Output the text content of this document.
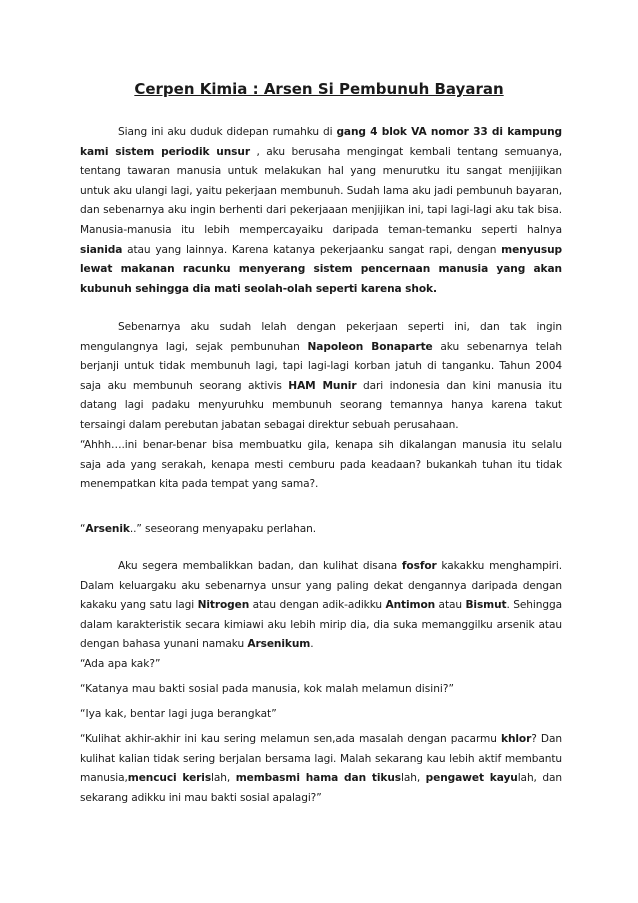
Cerpen Kimia : Arsen Si Pembunuh Bayaran
Siang ini aku duduk didepan rumahku di gang 4 blok VA nomor 33 di kampung kami sistem periodik unsur , aku berusaha mengingat kembali tentang semuanya, tentang tawaran manusia untuk melakukan hal yang menurutku itu sangat menjijikan untuk aku ulangi lagi, yaitu pekerjaan membunuh. Sudah lama aku jadi pembunuh bayaran, dan sebenarnya aku ingin berhenti dari pekerjaaan menjijikan ini, tapi lagi-lagi aku tak bisa. Manusia-manusia itu lebih mempercayaiku daripada teman-temanku seperti halnya sianida atau yang lainnya. Karena katanya pekerjaanku sangat rapi, dengan menyusup lewat makanan racunku menyerang sistem pencernaan manusia yang akan kubunuh sehingga dia mati seolah-olah seperti karena shok.
Sebenarnya aku sudah lelah dengan pekerjaan seperti ini, dan tak ingin mengulangnya lagi, sejak pembunuhan Napoleon Bonaparte aku sebenarnya telah berjanji untuk tidak membunuh lagi, tapi lagi-lagi korban jatuh di tanganku. Tahun 2004 saja aku membunuh seorang aktivis HAM Munir dari indonesia dan kini manusia itu datang lagi padaku menyuruhku membunuh seorang temannya hanya karena takut tersaingi dalam perebutan jabatan sebagai direktur sebuah perusahaan.
“Ahhh….ini benar-benar bisa membuatku gila, kenapa sih dikalangan manusia itu selalu saja ada yang serakah, kenapa mesti cemburu pada keadaan? bukankah tuhan itu tidak menempatkan kita pada tempat yang sama?.
“Arsenik..” seseorang menyapaku perlahan.
Aku segera membalikkan badan, dan kulihat disana fosfor kakakku menghampiri. Dalam keluargaku aku sebenarnya unsur yang paling dekat dengannya daripada dengan kakaku yang satu lagi Nitrogen atau dengan adik-adikku Antimon atau Bismut. Sehingga dalam karakteristik secara kimiawi aku lebih mirip dia, dia suka memanggilku arsenik atau dengan bahasa yunani namaku Arsenikum.
“Ada apa kak?”
“Katanya mau bakti sosial pada manusia, kok malah melamun disini?”
“Iya kak, bentar lagi juga berangkat”
“Kulihat akhir-akhir ini kau sering melamun sen,ada masalah dengan pacarmu khlor? Dan kulihat kalian tidak sering berjalan bersama lagi. Malah sekarang kau lebih aktif membantu manusia,mencuci kerislah, membasmi hama dan tikuslah, pengawet kayulah, dan sekarang adikku ini mau bakti sosial apalagi?”
